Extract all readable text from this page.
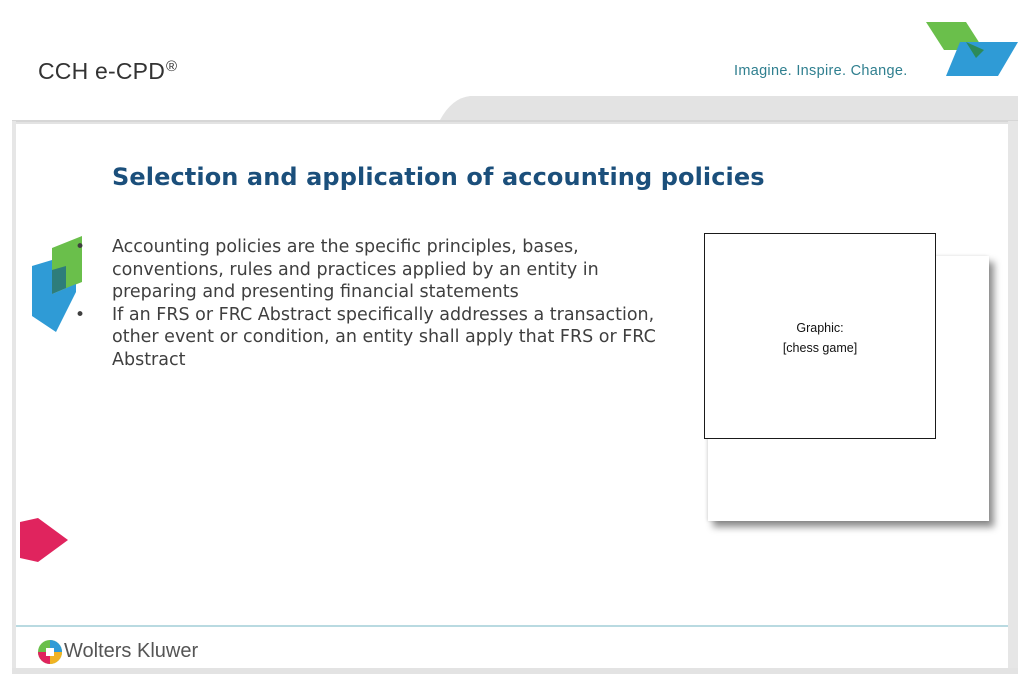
CCH e-CPD®	Imagine. Inspire. Change.
Selection and application of accounting policies
• Accounting policies are the specific principles, bases, conventions, rules and practices applied by an entity in preparing and presenting financial statements
• If an FRS or FRC Abstract specifically addresses a transaction, other event or condition, an entity shall apply that FRS or FRC Abstract
Graphic:
[chess game]
Wolters Kluwer
